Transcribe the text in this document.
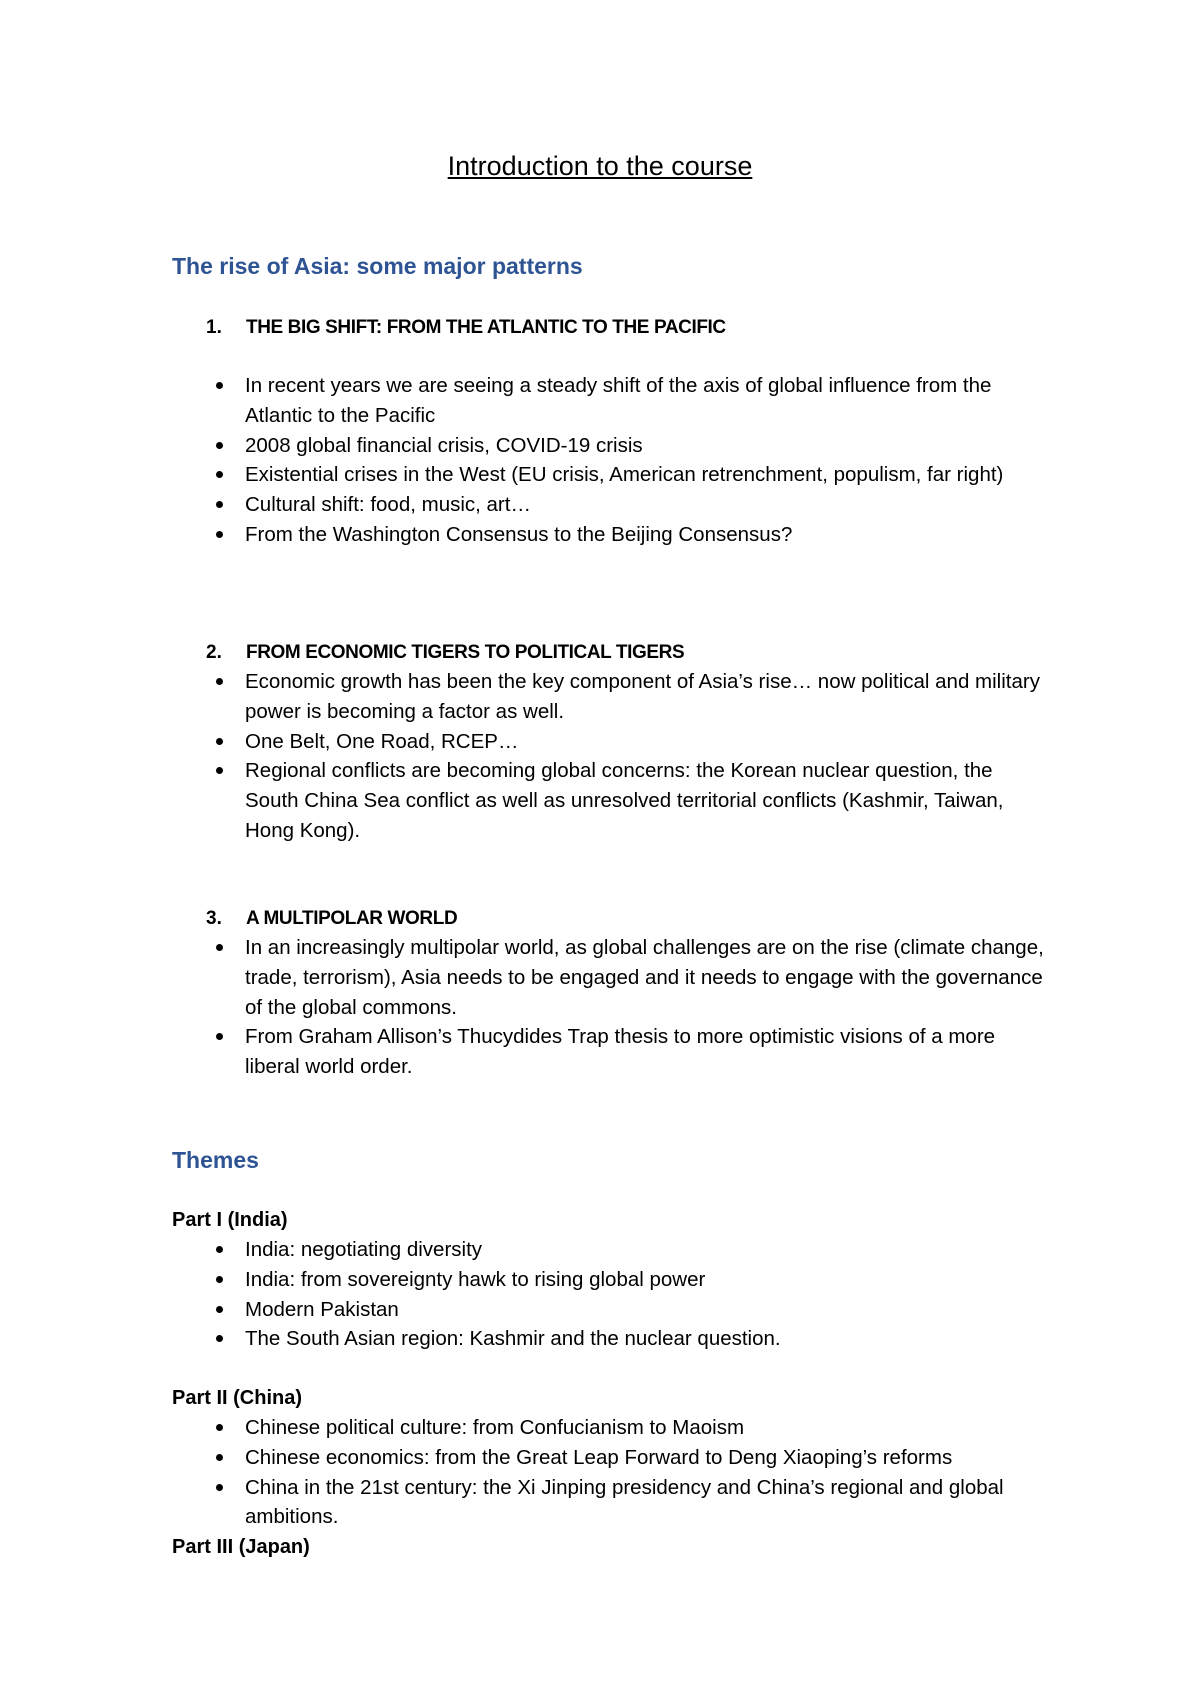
Introduction to the course
The rise of Asia: some major patterns
1.	THE BIG SHIFT: FROM THE ATLANTIC TO THE PACIFIC
In recent years we are seeing a steady shift of the axis of global influence from the Atlantic to the Pacific
2008 global financial crisis, COVID-19 crisis
Existential crises in the West (EU crisis, American retrenchment, populism, far right)
Cultural shift: food, music, art…
From the Washington Consensus to the Beijing Consensus?
2.	FROM ECONOMIC TIGERS TO POLITICAL TIGERS
Economic growth has been the key component of Asia’s rise… now political and military power is becoming a factor as well.
One Belt, One Road, RCEP…
Regional conflicts are becoming global concerns: the Korean nuclear question, the South China Sea conflict as well as unresolved territorial conflicts (Kashmir, Taiwan, Hong Kong).
3.	A MULTIPOLAR WORLD
In an increasingly multipolar world, as global challenges are on the rise (climate change, trade, terrorism), Asia needs to be engaged and it needs to engage with the governance of the global commons.
From Graham Allison’s Thucydides Trap thesis to more optimistic visions of a more liberal world order.
Themes
Part I (India)
India: negotiating diversity
India: from sovereignty hawk to rising global power
Modern Pakistan
The South Asian region: Kashmir and the nuclear question.
Part II (China)
Chinese political culture: from Confucianism to Maoism
Chinese economics: from the Great Leap Forward to Deng Xiaoping’s reforms
China in the 21st century: the Xi Jinping presidency and China’s regional and global ambitions.
Part III (Japan)
